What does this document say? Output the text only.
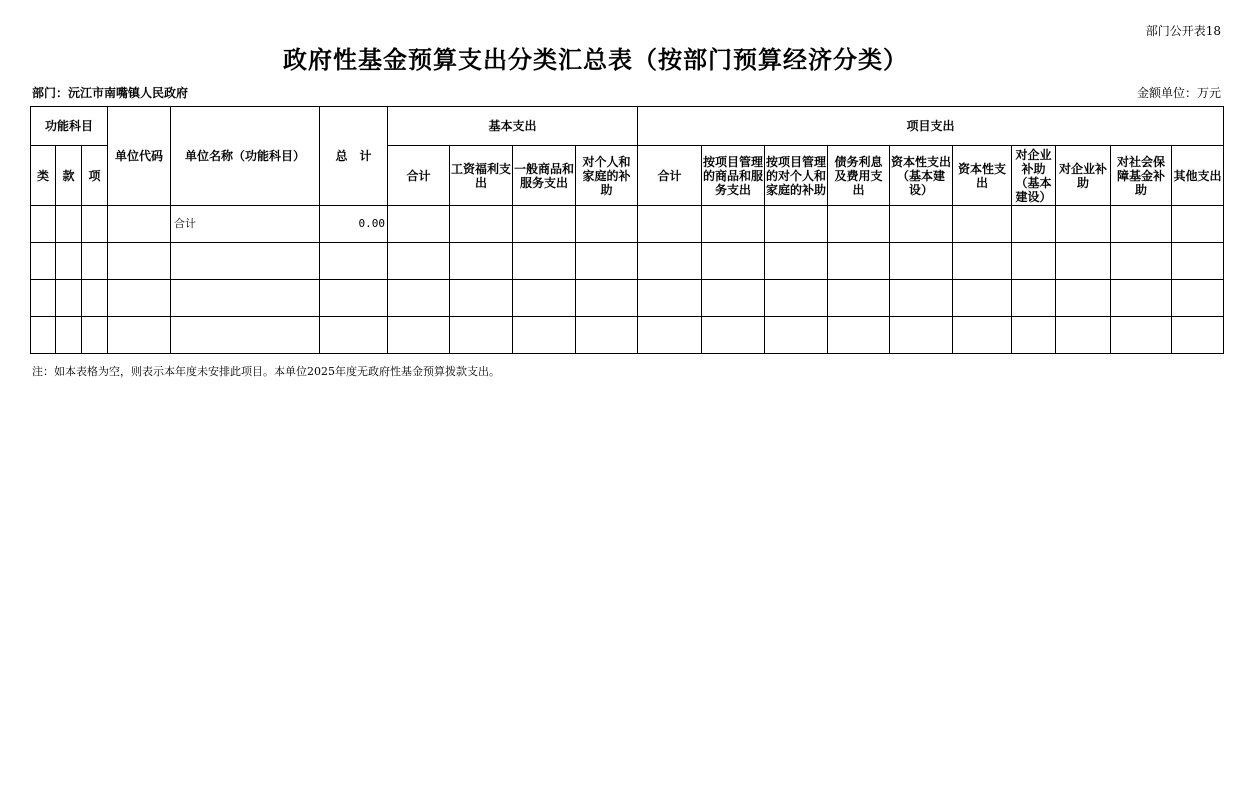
部门公开表18
政府性基金预算支出分类汇总表（按部门预算经济分类）
部门：沅江市南嘴镇人民政府	金额单位：万元
功能科目			单位代码	单位名称（功能科目）	总　计	基本支出				项目支出									
类	款	项				合计	工资福利支出	一般商品和服务支出	对个人和家庭的补助	合计	按项目管理的商品和服务支出	按项目管理的对个人和家庭的补助	债务利息及费用支出	资本性支出（基本建设）	资本性支出	对企业补助（基本建设）	对企业补助	对社会保障基金补助	其他支出
				合计	0.00														

注：如本表格为空，则表示本年度未安排此项目。本单位2025年度无政府性基金预算拨款支出。
